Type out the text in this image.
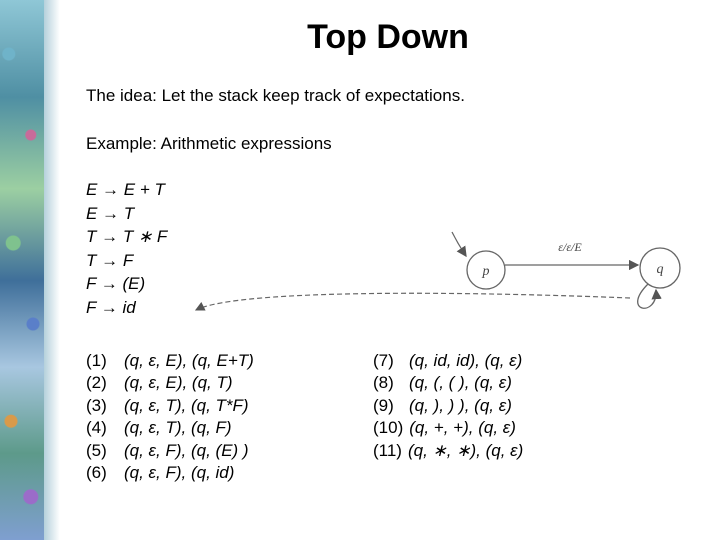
Top Down
The idea: Let the stack keep track of expectations.
Example: Arithmetic expressions
E → E + T
E → T
T → T ∗ F
T → F
F → (E)
F → id
p
ε/ε/E
q
(1) (q, ε, E), (q, E+T)
(2) (q, ε, E), (q, T)
(3) (q, ε, T), (q, T*F)
(4) (q, ε, T), (q, F)
(5) (q, ε, F), (q, (E) )
(6) (q, ε, F), (q, id)
(7) (q, id, id), (q, ε)
(8) (q, (, ( ), (q, ε)
(9) (q, ), ) ), (q, ε)
(10) (q, +, +), (q, ε)
(11) (q, ∗, ∗), (q, ε)
